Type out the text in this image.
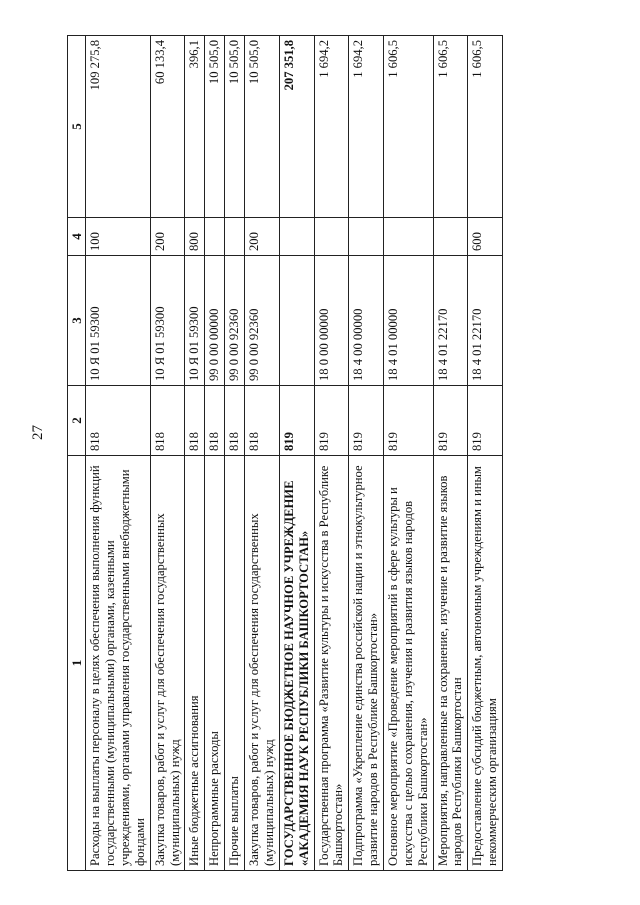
27
1	2	3	4	5
Расходы на выплаты персоналу в целях обеспечения выполнения функций государственными (муниципальными) органами, казенными учреждениями, органами управления государственными внебюджетными фондами	818	10 Я 01 59300	100	109 275,8
Закупка товаров, работ и услуг для обеспечения государственных (муниципальных) нужд	818	10 Я 01 59300	200	60 133,4
Иные бюджетные ассигнования	818	10 Я 01 59300	800	396,1
Непрограммные расходы	818	99 0 00 00000		10 505,0
Прочие выплаты	818	99 0 00 92360		10 505,0
Закупка товаров, работ и услуг для обеспечения государственных (муниципальных) нужд	818	99 0 00 92360	200	10 505,0
ГОСУДАРСТВЕННОЕ БЮДЖЕТНОЕ НАУЧНОЕ УЧРЕЖДЕНИЕ «АКАДЕМИЯ НАУК РЕСПУБЛИКИ БАШКОРТОСТАН»	819			207 351,8
Государственная программа «Развитие культуры и искусства в Республике Башкортостан»	819	18 0 00 00000		1 694,2
Подпрограмма «Укрепление единства российской нации и этнокультурное развитие народов в Республике Башкортостан»	819	18 4 00 00000		1 694,2
Основное мероприятие «Проведение мероприятий в сфере культуры и искусства с целью сохранения, изучения и развития языков народов Республики Башкортостан»	819	18 4 01 00000		1 606,5
Мероприятия, направленные на сохранение, изучение и развитие языков народов Республики Башкортостан	819	18 4 01 22170		1 606,5
Предоставление субсидий бюджетным, автономным учреждениям и иным некоммерческим организациям	819	18 4 01 22170	600	1 606,5
